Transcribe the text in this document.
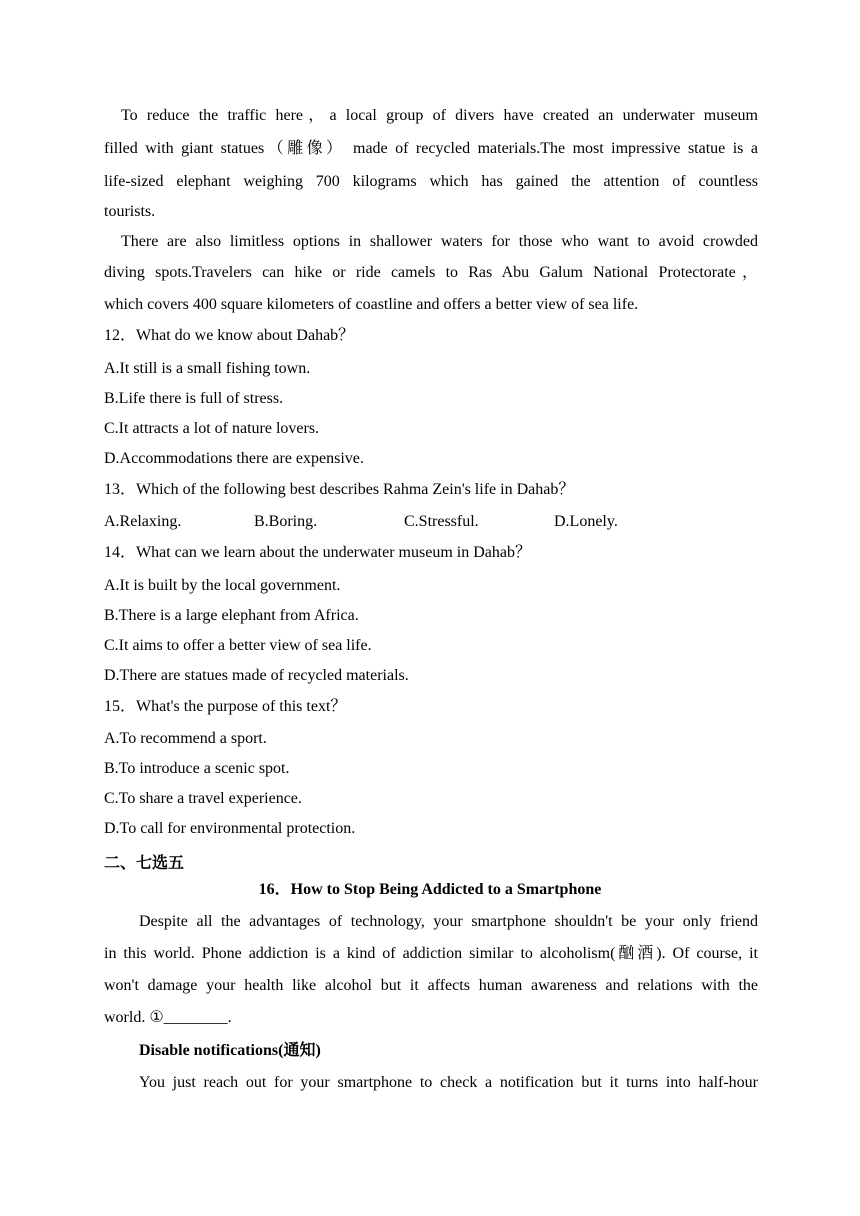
To reduce the traffic here，a local group of divers have created an underwater museum
filled with giant statues（雕像） made of recycled materials.The most impressive statue is a
life-sized elephant weighing 700 kilograms which has gained the attention of countless
tourists.
There are also limitless options in shallower waters for those who want to avoid crowded
diving spots.Travelers can hike or ride camels to Ras Abu Galum National Protectorate，
which covers 400 square kilometers of coastline and offers a better view of sea life.
12．What do we know about Dahab？
A.It still is a small fishing town.
B.Life there is full of stress.
C.It attracts a lot of nature lovers.
D.Accommodations there are expensive.
13．Which of the following best describes Rahma Zein's life in Dahab？
A.Relaxing.	B.Boring.	C.Stressful.	D.Lonely.
14．What can we learn about the underwater museum in Dahab？
A.It is built by the local government.
B.There is a large elephant from Africa.
C.It aims to offer a better view of sea life.
D.There are statues made of recycled materials.
15．What's the purpose of this text？
A.To recommend a sport.
B.To introduce a scenic spot.
C.To share a travel experience.
D.To call for environmental protection.
二、七选五
16．How to Stop Being Addicted to a Smartphone
Despite all the advantages of technology, your smartphone shouldn't be your only friend
in this world. Phone addiction is a kind of addiction similar to alcoholism(酗酒). Of course, it
won't damage your health like alcohol but it affects human awareness and relations with the
world. ①________.
Disable notifications(通知)
You just reach out for your smartphone to check a notification but it turns into half-hour
